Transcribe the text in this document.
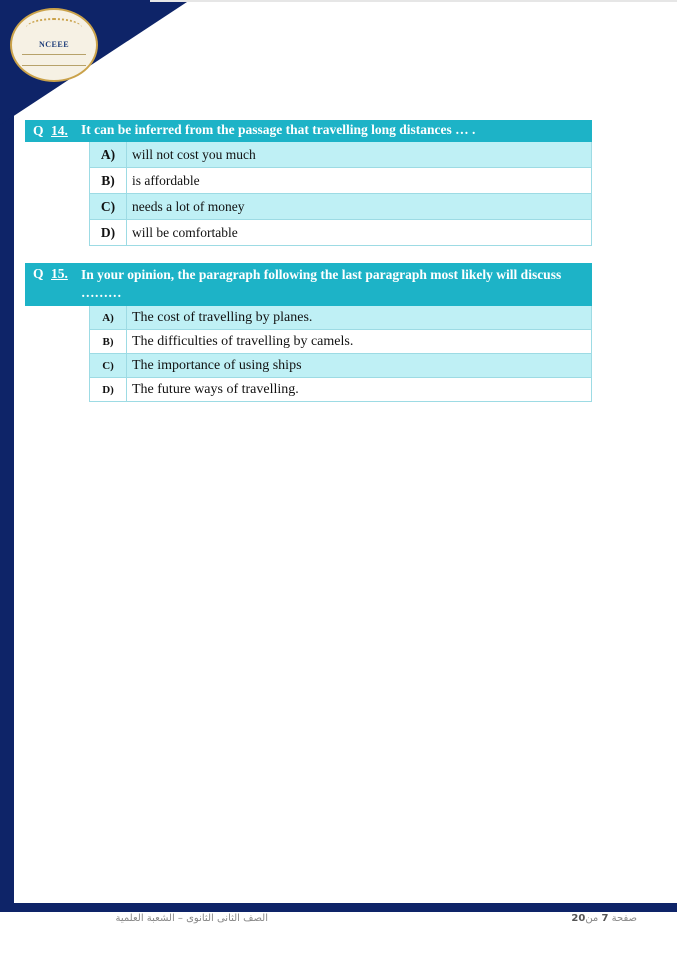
NCEEE
Q 14. It can be inferred from the passage that travelling long distances … .
A)	will not cost you much
B)	is affordable
C)	needs a lot of money
D)	will be comfortable
Q 15. In your opinion, the paragraph following the last paragraph most likely will discuss ………
A)	The cost of travelling by planes.
B)	The difficulties of travelling by camels.
C)	The importance of using ships
D)	The future ways of travelling.
الصف الثانى الثانوى – الشعبة العلمية	صفحة 7 من20
